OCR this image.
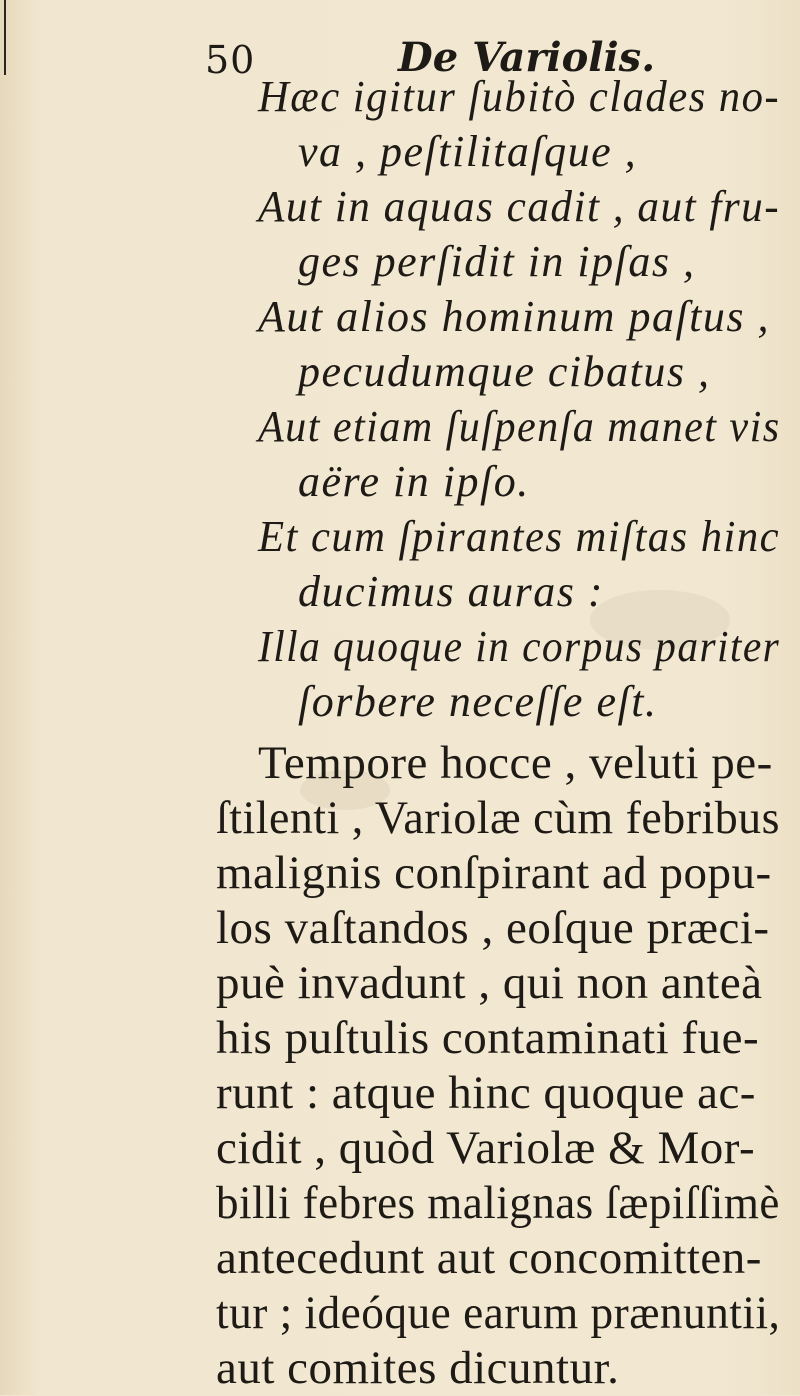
50	De Variolis.
Hæc igitur ſubitò clades no-
va , peſtilitaſque ,
Aut in aquas cadit , aut fru-
ges perſidit in ipſas ,
Aut alios hominum paſtus ,
pecudumque cibatus ,
Aut etiam ſuſpenſa manet vis
aëre in ipſo.
Et cum ſpirantes miſtas hinc
ducimus auras :
Illa quoque in corpus pariter
ſorbere neceſſe eſt.
Tempore hocce , veluti pe-
ſtilenti , Variolæ cùm febribus
malignis conſpirant ad popu-
los vaſtandos , eoſque præci-
puè invadunt , qui non anteà
his puſtulis contaminati fue-
runt : atque hinc quoque ac-
cidit , quòd Variolæ & Mor-
billi febres malignas ſæpiſſimè
antecedunt aut concomitten-
tur ; ideóque earum prænuntii,
aut comites dicuntur.
